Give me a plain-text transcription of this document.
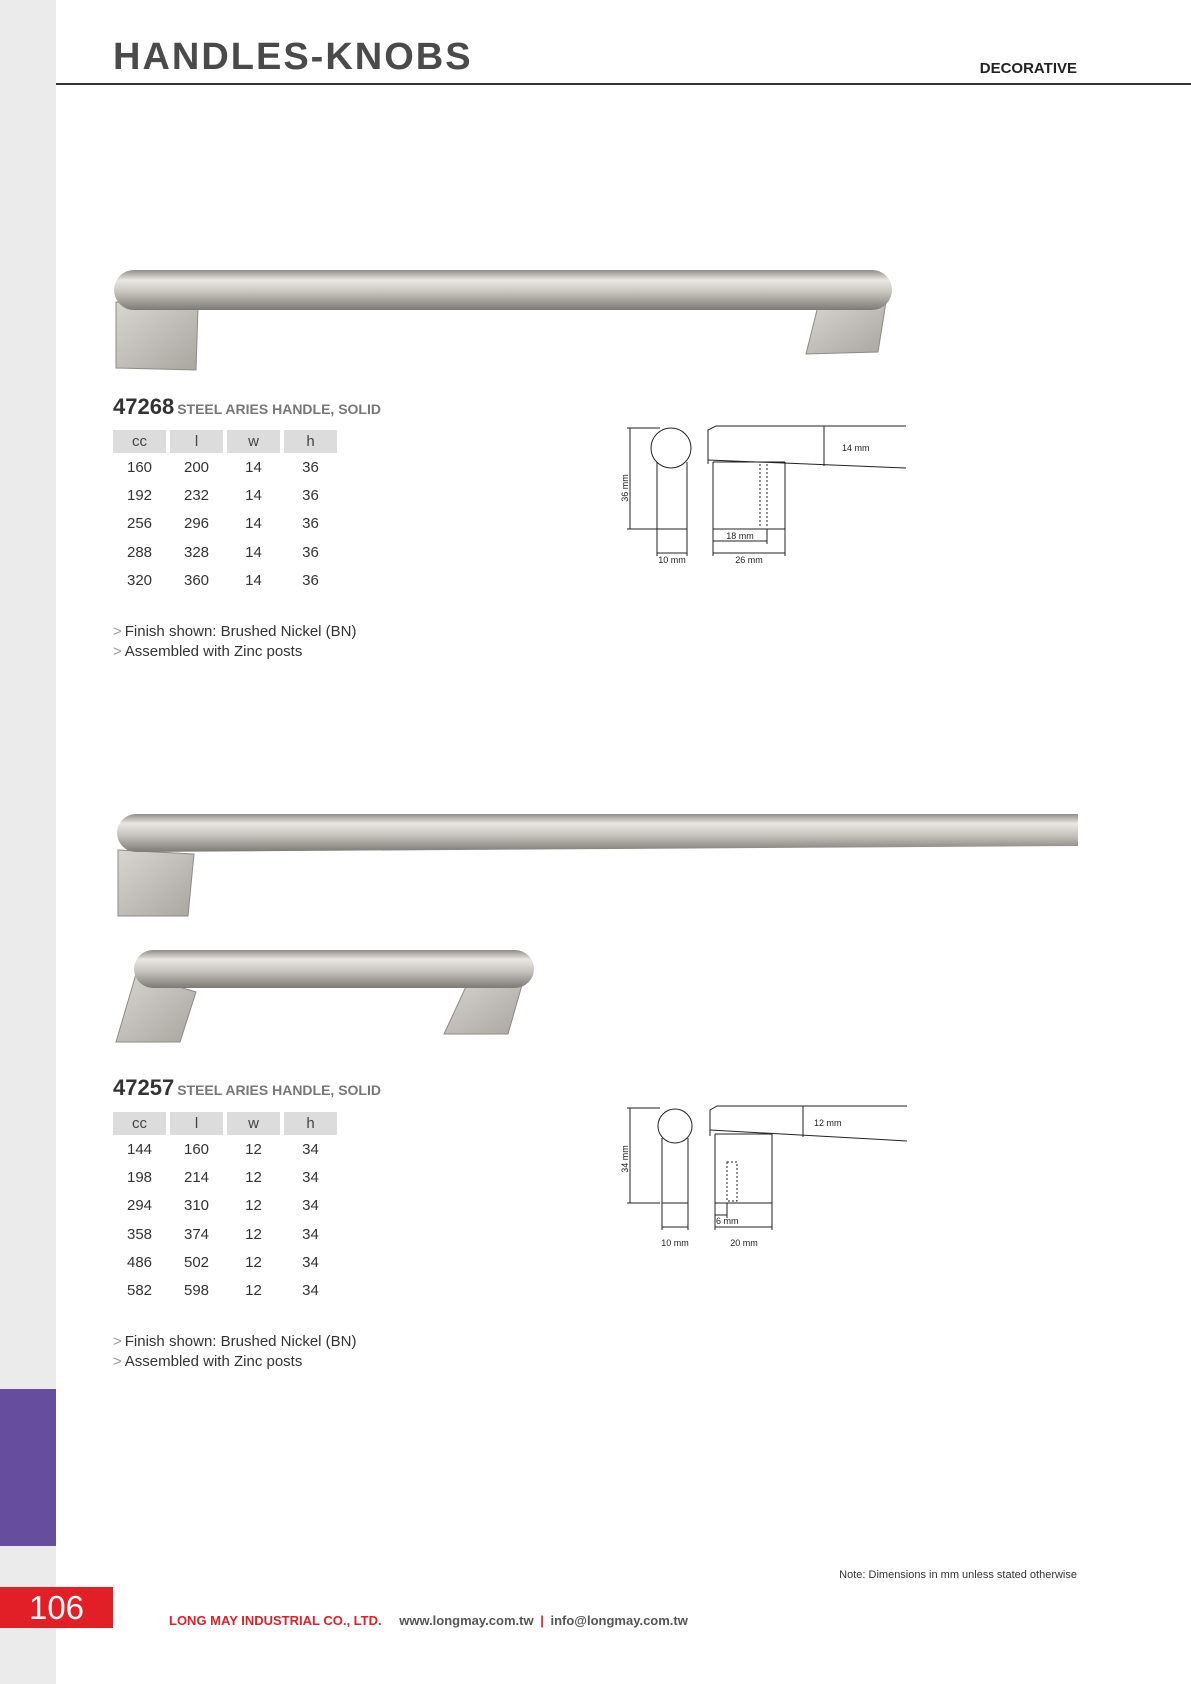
106
HANDLES-KNOBS	DECORATIVE
47268 STEEL ARIES HANDLE, SOLID
cc	l	w	h
160	200	14	36
192	232	14	36
256	296	14	36
288	328	14	36
320	360	14	36
> Finish shown: Brushed Nickel (BN)
> Assembled with Zinc posts
36 mm
14 mm
18 mm
10 mm	26 mm
47257 STEEL ARIES HANDLE, SOLID
cc	l	w	h
144	160	12	34
198	214	12	34
294	310	12	34
358	374	12	34
486	502	12	34
582	598	12	34
> Finish shown: Brushed Nickel (BN)
> Assembled with Zinc posts
34 mm
12 mm
6 mm
10 mm	20 mm
Note: Dimensions in mm unless stated otherwise
LONG MAY INDUSTRIAL CO., LTD. www.longmay.com.tw | info@longmay.com.tw
